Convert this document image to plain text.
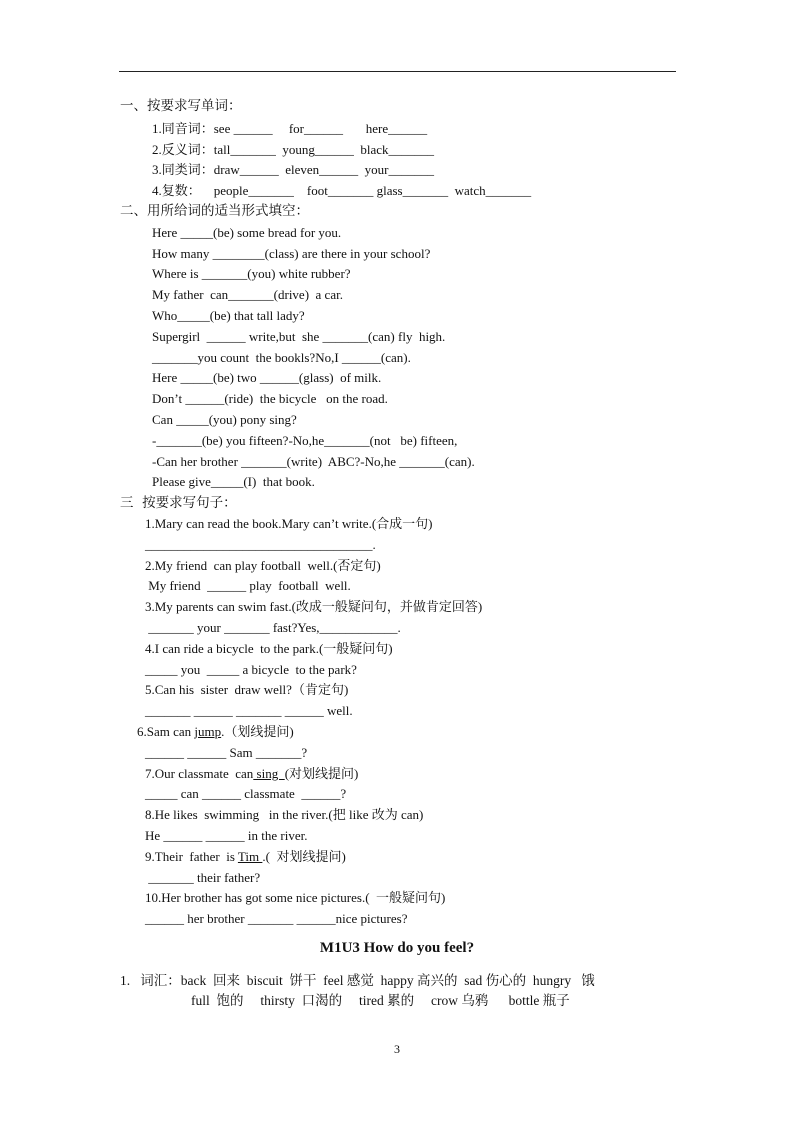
一、按要求写单词：
1.同音词：see ______     for______       here______
2.反义词：tall_______  young______  black_______
3.同类词：draw______  eleven______  your_______
4.复数：    people_______    foot_______ glass_______  watch_______
二、用所给词的适当形式填空：
Here _____(be) some bread for you.
How many ________(class) are there in your school?
Where is _______(you) white rubber?
My father  can_______(drive)  a car.
Who_____(be) that tall lady?
Supergirl  ______ write,but  she _______(can) fly  high.
_______you count  the bookls?No,I ______(can).
Here _____(be) two ______(glass)  of milk.
Don’t ______(ride)  the bicycle   on the road.
Can _____(you) pony sing?
-_______(be) you fifteen?-No,he_______(not   be) fifteen,
-Can her brother _______(write)  ABC?-No,he _______(can).
Please give_____(I)  that book.
三  按要求写句子：
1.Mary can read the book.Mary can’t write.(合成一句)
___________________________________.
2.My friend  can play football  well.(否定句)
My friend  ______ play  football  well.
3.My parents can swim fast.(改成一般疑问句，并做肯定回答)
_______ your _______ fast?Yes,____________.
4.I can ride a bicycle  to the park.(一般疑问句)
_____ you  _____ a bicycle  to the park?
5.Can his  sister  draw well?（肯定句)
_______ ______ _______ ______ well.
6.Sam can jump.（划线提问)
______ ______ Sam _______?
7.Our classmate  can sing  (对划线提问)
_____ can ______ classmate  ______?
8.He likes  swimming   in the river.(把 like 改为 can)
He ______ ______ in the river.
9.Their  father  is Tim .(  对划线提问)
_______ their father?
10.Her brother has got some nice pictures.(  一般疑问句)
______ her brother _______ ______nice pictures?
M1U3 How do you feel?
1.   词汇：back  回来  biscuit  饼干  feel 感觉  happy 高兴的  sad 伤心的  hungry   饿
full  饱的     thirsty  口渴的     tired 累的     crow 乌鸦      bottle 瓶子
3
